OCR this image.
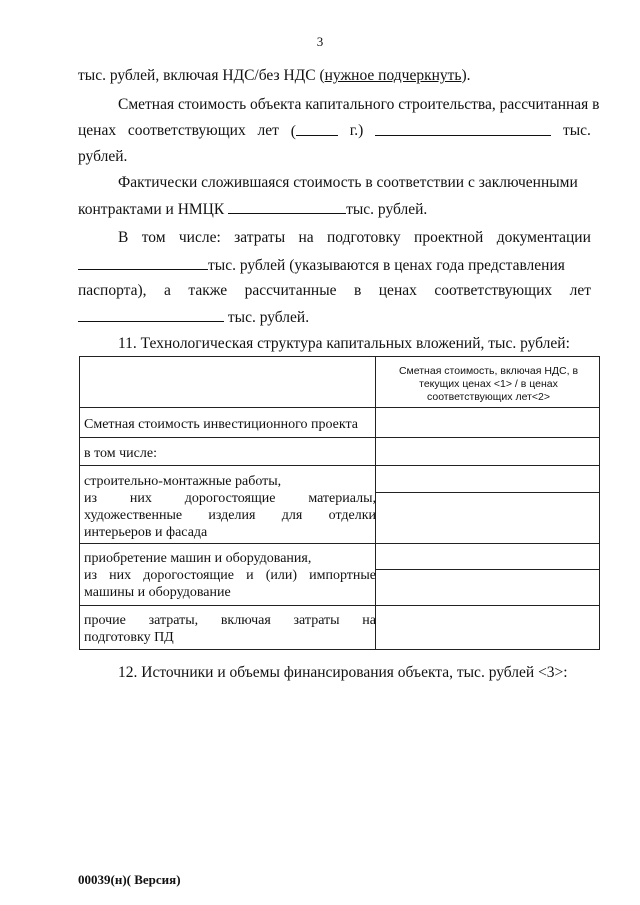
3
тыс. рублей, включая НДС/без НДС (нужное подчеркнуть).
Сметная стоимость объекта капитального строительства, рассчитанная в
ценах соответствующих лет (	г.)	тыс.
рублей.
Фактически сложившаяся стоимость в соответствии с заключенными
контрактами и НМЦК	тыс. рублей.
В том числе: затраты на подготовку проектной документации
тыс. рублей (указываются в ценах года представления
паспорта), а также рассчитанные в ценах соответствующих лет
тыс. рублей.
11. Технологическая структура капитальных вложений, тыс. рублей:
Сметная стоимость, включая НДС, в текущих ценах <1> / в ценах соответствующих лет<2>
Сметная стоимость инвестиционного проекта
в том числе:
строительно-монтажные работы,
из них дорогостоящие материалы,
художественные изделия для отделки
интерьеров и фасада
приобретение машин и оборудования,
из них дорогостоящие и (или) импортные
машины и оборудование
прочие затраты, включая затраты на
подготовку ПД
12. Источники и объемы финансирования объекта, тыс. рублей <3>:
00039(н)( Версия)
